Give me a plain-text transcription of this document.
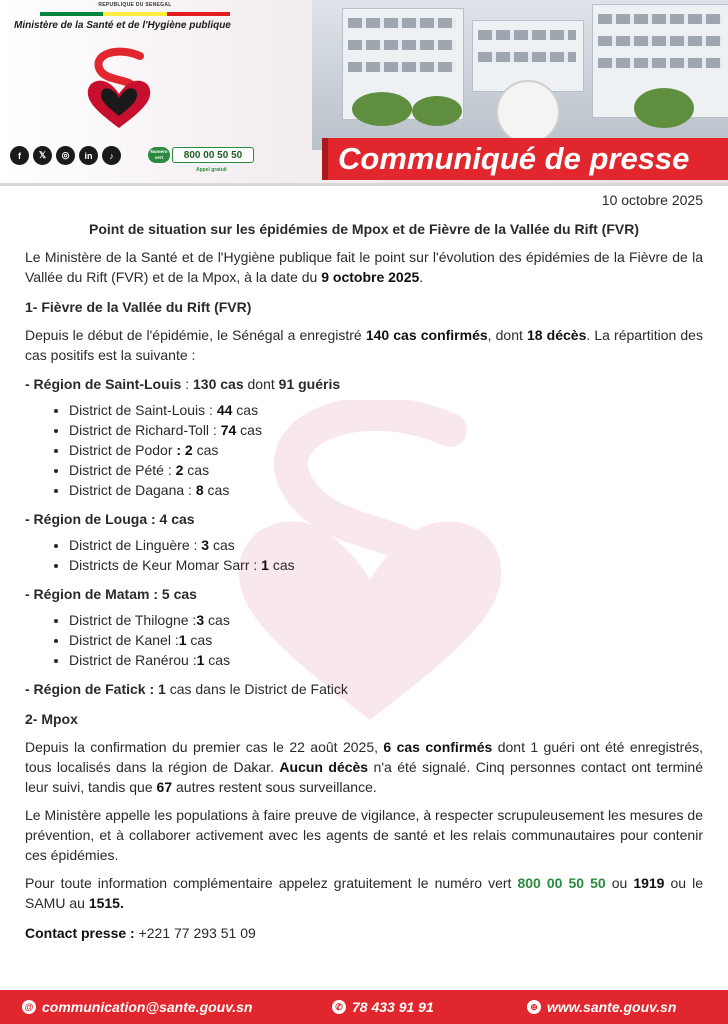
REPUBLIQUE DU SENEGAL
Ministère de la Santé et de l'Hygiène publique
f	𝕏	◎	in	♪	Numéro vert	800 00 50 50
Appel gratuit	Communiqué de presse

10 octobre 2025

Point de situation sur les épidémies de Mpox et de Fièvre de la Vallée du Rift (FVR)

Le Ministère de la Santé et de l'Hygiène publique fait le point sur l'évolution des épidémies de la Fièvre de la Vallée du Rift (FVR) et de la Mpox, à la date du 9 octobre 2025.

1- Fièvre de la Vallée du Rift (FVR)

Depuis le début de l'épidémie, le Sénégal a enregistré 140 cas confirmés, dont 18 décès. La répartition des cas positifs est la suivante :

- Région de Saint-Louis : 130 cas dont 91 guéris

• District de Saint-Louis : 44 cas
• District de Richard-Toll : 74 cas
• District de Podor : 2 cas
• District de Pété : 2 cas
• District de Dagana : 8 cas

- Région de Louga : 4 cas

• District de Linguère : 3 cas
• Districts de Keur Momar Sarr : 1 cas

- Région de Matam : 5 cas

• District de Thilogne :3 cas
• District de Kanel :1 cas
• District de Ranérou :1 cas

- Région de Fatick : 1 cas dans le District de Fatick

2- Mpox

Depuis la confirmation du premier cas le 22 août 2025, 6 cas confirmés dont 1 guéri ont été enregistrés, tous localisés dans la région de Dakar. Aucun décès n'a été signalé. Cinq personnes contact ont terminé leur suivi, tandis que 67 autres restent sous surveillance.

Le Ministère appelle les populations à faire preuve de vigilance, à respecter scrupuleusement les mesures de prévention, et à collaborer activement avec les agents de santé et les relais communautaires pour contenir ces épidémies.

Pour toute information complémentaire appelez gratuitement le numéro vert 800 00 50 50 ou 1919 ou le SAMU au 1515.

Contact presse : +221 77 293 51 09

@ communication@sante.gouv.sn	✆ 78 433 91 91	⊕ www.sante.gouv.sn
